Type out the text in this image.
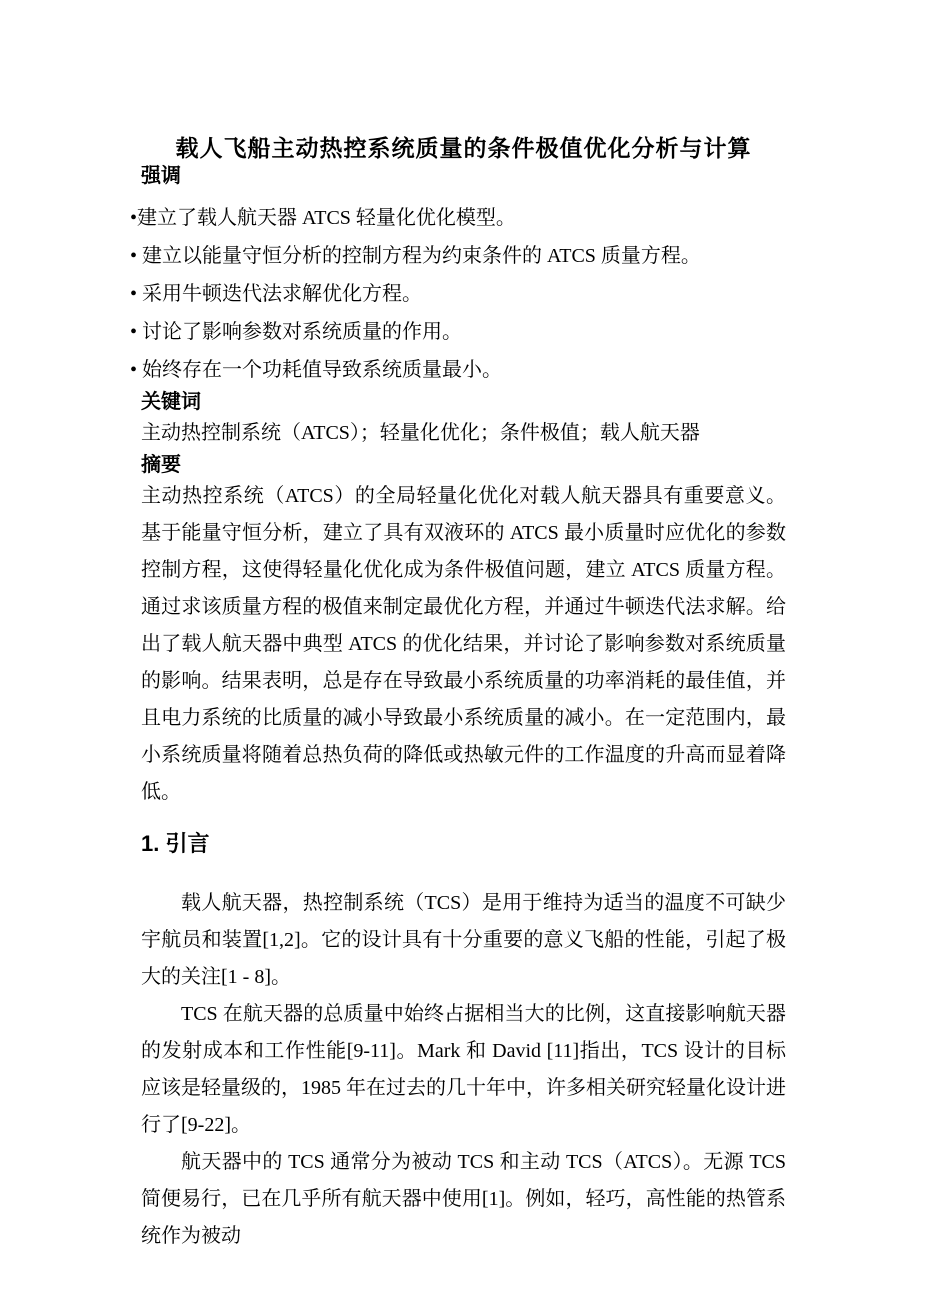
载人飞船主动热控系统质量的条件极值优化分析与计算
强调
•建立了载人航天器 ATCS 轻量化优化模型。
• 建立以能量守恒分析的控制方程为约束条件的 ATCS 质量方程。
• 采用牛顿迭代法求解优化方程。
• 讨论了影响参数对系统质量的作用。
• 始终存在一个功耗值导致系统质量最小。
关键词

主动热控制系统（ATCS）；轻量化优化；条件极值；载人航天器

摘要

主动热控系统（ATCS）的全局轻量化优化对载人航天器具有重要意义。基于能量守恒分析，建立了具有双液环的 ATCS 最小质量时应优化的参数控制方程，这使得轻量化优化成为条件极值问题，建立 ATCS 质量方程。通过求该质量方程的极值来制定最优化方程，并通过牛顿迭代法求解。给出了载人航天器中典型 ATCS 的优化结果，并讨论了影响参数对系统质量的影响。结果表明，总是存在导致最小系统质量的功率消耗的最佳值，并且电力系统的比质量的减小导致最小系统质量的减小。在一定范围内，最小系统质量将随着总热负荷的降低或热敏元件的工作温度的升高而显着降低。

1. 引言

载人航天器，热控制系统（TCS）是用于维持为适当的温度不可缺少宇航员和装置[1,2]。它的设计具有十分重要的意义飞船的性能，引起了极大的关注[1 - 8]。

TCS 在航天器的总质量中始终占据相当大的比例，这直接影响航天器的发射成本和工作性能[9-11]。Mark 和 David [11]指出，TCS 设计的目标应该是轻量级的，1985 年在过去的几十年中，许多相关研究轻量化设计进行了[9-22]。

航天器中的 TCS 通常分为被动 TCS 和主动 TCS（ATCS）。无源 TCS 简便易行，已在几乎所有航天器中使用[1]。例如，轻巧，高性能的热管系统作为被动
